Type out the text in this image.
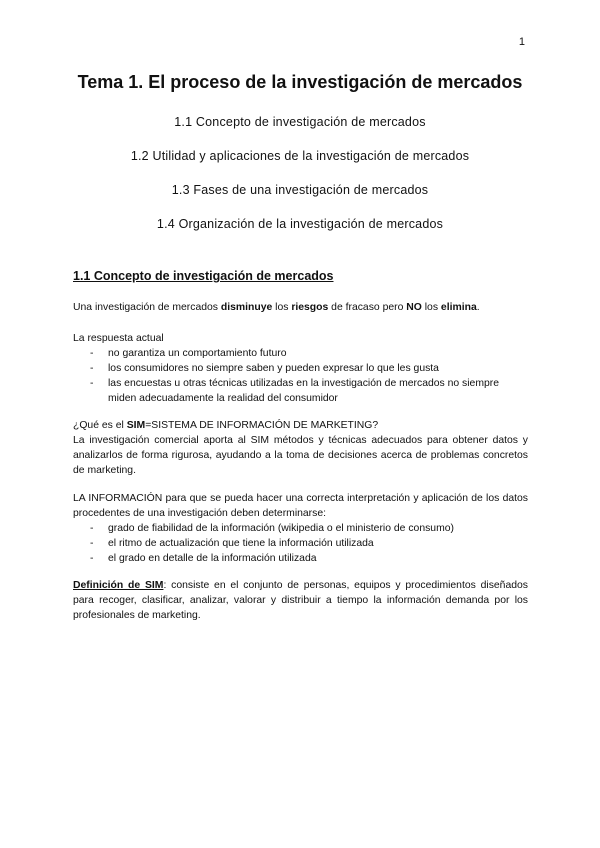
1
Tema 1. El proceso de la investigación de mercados
1.1 Concepto de investigación de mercados
1.2 Utilidad y aplicaciones de la investigación de mercados
1.3 Fases de una investigación de mercados
1.4 Organización de la investigación de mercados
1.1 Concepto de investigación de mercados

Una investigación de mercados disminuye los riesgos de fracaso pero NO los elimina.

La respuesta actual

- no garantiza un comportamiento futuro
- los consumidores no siempre saben y pueden expresar lo que les gusta
- las encuestas u otras técnicas utilizadas en la investigación de mercados no siempre miden adecuadamente la realidad del consumidor

¿Qué es el SIM=SISTEMA DE INFORMACIÓN DE MARKETING?

La investigación comercial aporta al SIM métodos y técnicas adecuados para obtener datos y analizarlos de forma rigurosa, ayudando a la toma de decisiones acerca de problemas concretos de marketing.

LA INFORMACIÓN para que se pueda hacer una correcta interpretación y aplicación de los datos procedentes de una investigación deben determinarse:

- grado de fiabilidad de la información (wikipedia o el ministerio de consumo)
- el ritmo de actualización que tiene la información utilizada
- el grado en detalle de la información utilizada

Definición de SIM: consiste en el conjunto de personas, equipos y procedimientos diseñados para recoger, clasificar, analizar, valorar y distribuir a tiempo la información demanda por los profesionales de marketing.
